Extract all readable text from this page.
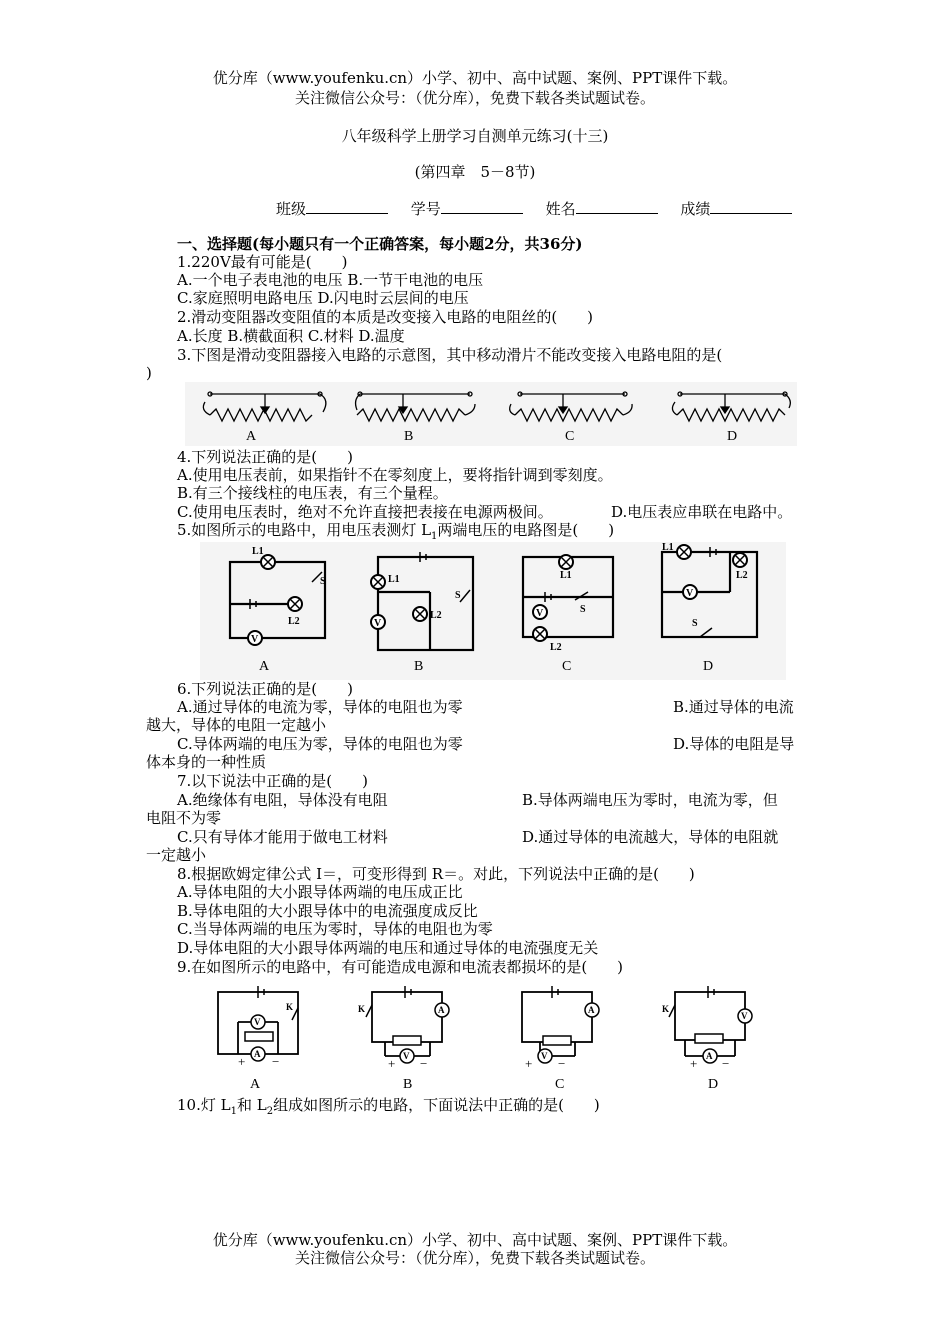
优分库（www.youfenku.cn）小学、初中、高中试题、案例、PPT课件下载。
关注微信公众号：（优分库），免费下载各类试题试卷。
八年级科学上册学习自测单元练习(十三)
(第四章　5－8节)
班级	学号	姓名	成绩
一、选择题(每小题只有一个正确答案，每小题2分，共36分)
1.220V最有可能是(　　)
A.一个电子表电池的电压 B.一节干电池的电压
C.家庭照明电路电压 D.闪电时云层间的电压
2.滑动变阻器改变阻值的本质是改变接入电路的电阻丝的(　　)
A.长度 B.横截面积 C.材料 D.温度
3.下图是滑动变阻器接入电路的示意图，其中移动滑片不能改变接入电路电阻的是(
)
A	B	C	D
4.下列说法正确的是(　　)
A.使用电压表前，如果指针不在零刻度上，要将指针调到零刻度。
B.有三个接线柱的电压表，有三个量程。
C.使用电压表时，绝对不允许直接把表接在电源两极间。	D.电压表应串联在电路中。
5.如图所示的电路中，用电压表测灯 $L_1$两端电压的电路图是(　　)
L1
L2
S
V
L1
L2
S
V
L1
S
V
L2
L1
L2
V
S
A	B	C	D
6.下列说法正确的是(　　)
A.通过导体的电流为零，导体的电阻也为零	B.通过导体的电流
越大，导体的电阻一定越小
C.导体两端的电压为零，导体的电阻也为零	D.导体的电阻是导
体本身的一种性质
7.以下说法中正确的是(　　)
A.绝缘体有电阻，导体没有电阻	B.导体两端电压为零时，电流为零，但
电阻不为零
C.只有导体才能用于做电工材料	D.通过导体的电流越大，导体的电阻就
一定越小
8.根据欧姆定律公式 I＝，可变形得到 R＝。对此，下列说法中正确的是(　　)
A.导体电阻的大小跟导体两端的电压成正比
B.导体电阻的大小跟导体中的电流强度成反比
C.当导体两端的电压为零时，导体的电阻也为零
D.导体电阻的大小跟导体两端的电压和通过导体的电流强度无关
9.在如图所示的电路中，有可能造成电源和电流表都损坏的是(　　)
V
A
K	A
V
K	A
V
V
A
K
+ −	+ −	+ −	+ −
A	B	C	D
10.灯 $L_1$和 $L_2$组成如图所示的电路，下面说法中正确的是(　　)
优分库（www.youfenku.cn）小学、初中、高中试题、案例、PPT课件下载。
关注微信公众号：（优分库），免费下载各类试题试卷。
